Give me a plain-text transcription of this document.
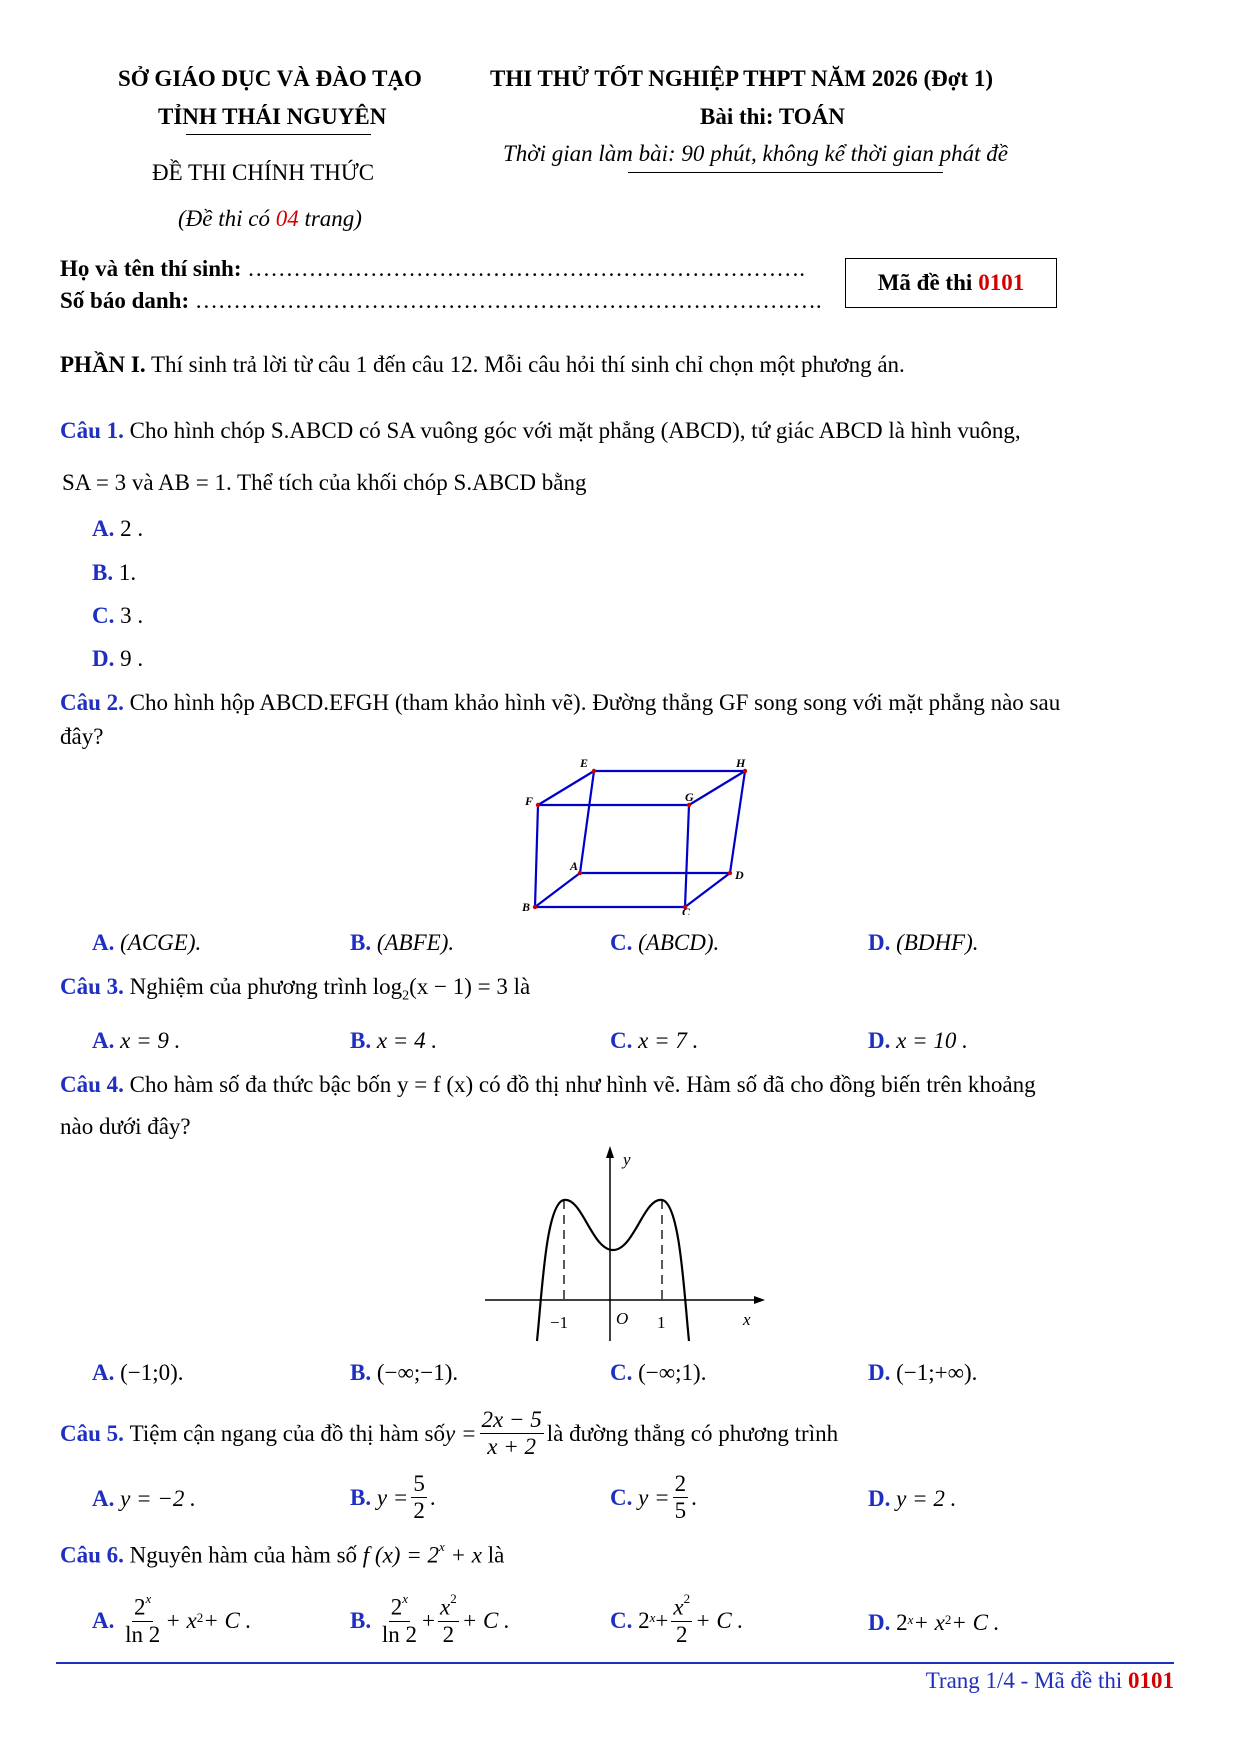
SỞ GIÁO DỤC VÀ ĐÀO TẠO
TỈNH THÁI NGUYÊN
ĐỀ THI CHÍNH THỨC
(Đề thi có 04 trang)
THI THỬ TỐT NGHIỆP THPT NĂM 2026 (Đợt 1)
Bài thi: TOÁN
Thời gian làm bài: 90 phút, không kể thời gian phát đề
Họ và tên thí sinh: ……………………………………………………………….
Số báo danh: ……………………………………………………………………….
Mã đề thi 0101
PHẦN I. Thí sinh trả lời từ câu 1 đến câu 12. Mỗi câu hỏi thí sinh chỉ chọn một phương án.
Câu 1. Cho hình chóp S.ABCD có SA vuông góc với mặt phẳng (ABCD), tứ giác ABCD là hình vuông,
SA = 3 và AB = 1. Thể tích của khối chóp S.ABCD bằng
A. 2 .
B. 1.
C. 3 .
D. 9 .
Câu 2. Cho hình hộp ABCD.EFGH (tham khảo hình vẽ). Đường thẳng GF song song với mặt phẳng nào sau
đây?
E	H
F	G
A
D
B	C
A. (ACGE).	B. (ABFE).	C. (ABCD).	D. (BDHF).
Câu 3. Nghiệm của phương trình $\log_2(x - 1) = 3$ là
A. x = 9 .	B. x = 4 .	C. x = 7 .	D. x = 10 .
Câu 4. Cho hàm số đa thức bậc bốn y = f (x) có đồ thị như hình vẽ. Hàm số đã cho đồng biến trên khoảng
nào dưới đây?
y
x
O
−1	1
A. (−1;0).	B. (−∞;−1).	C. (−∞;1).	D. (−1;+∞).
Câu 5.
Tiệm cận ngang của đồ thị hàm số $y = \frac{2x - 5}{x + 2}$ là đường thẳng có phương trình
A.
y = −2 .	B.
$y = \frac{5}{2}$ .	C.
$y = \frac{2}{5}$ .	D.
y = 2 .
Câu 6. Nguyên hàm của hàm số f $(x) = 2^x + x$ là
A.
$\frac{2^x}{\ln 2} + x^2 + C$ .	B.
$\frac{2^x}{\ln 2} + \frac{x^2}{2} + C$ .	C.
$2^x + \frac{x^2}{2} + C$ .	D.
$2^x + x^2 + C$ .
Trang 1/4 - Mã đề thi 0101
